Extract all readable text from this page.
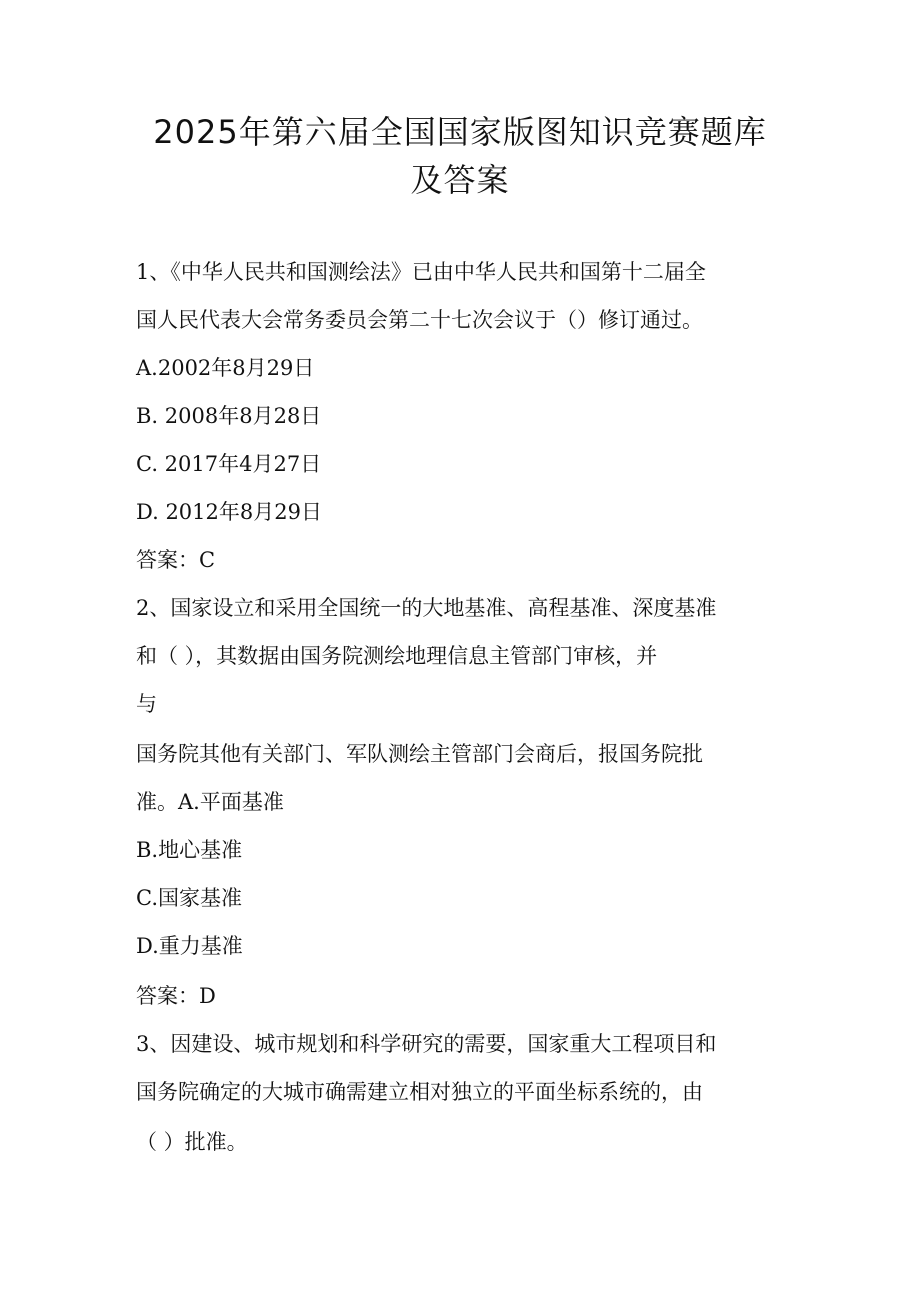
2025年第六届全国国家版图知识竞赛题库
及答案
1、《中华人民共和国测绘法》已由中华人民共和国第十二届全
国人民代表大会常务委员会第二十七次会议于（）修订通过。
A.2002年8月29日
B. 2008年8月28日
C. 2017年4月27日
D. 2012年8月29日
答案：C
2、国家设立和采用全国统一的大地基准、高程基准、深度基准
和（ ），其数据由国务院测绘地理信息主管部门审核，并
与
国务院其他有关部门、军队测绘主管部门会商后，报国务院批
准。A.平面基准
B.地心基准
C.国家基准
D.重力基准
答案：D
3、因建设、城市规划和科学研究的需要，国家重大工程项目和
国务院确定的大城市确需建立相对独立的平面坐标系统的，由
（ ）批准。
